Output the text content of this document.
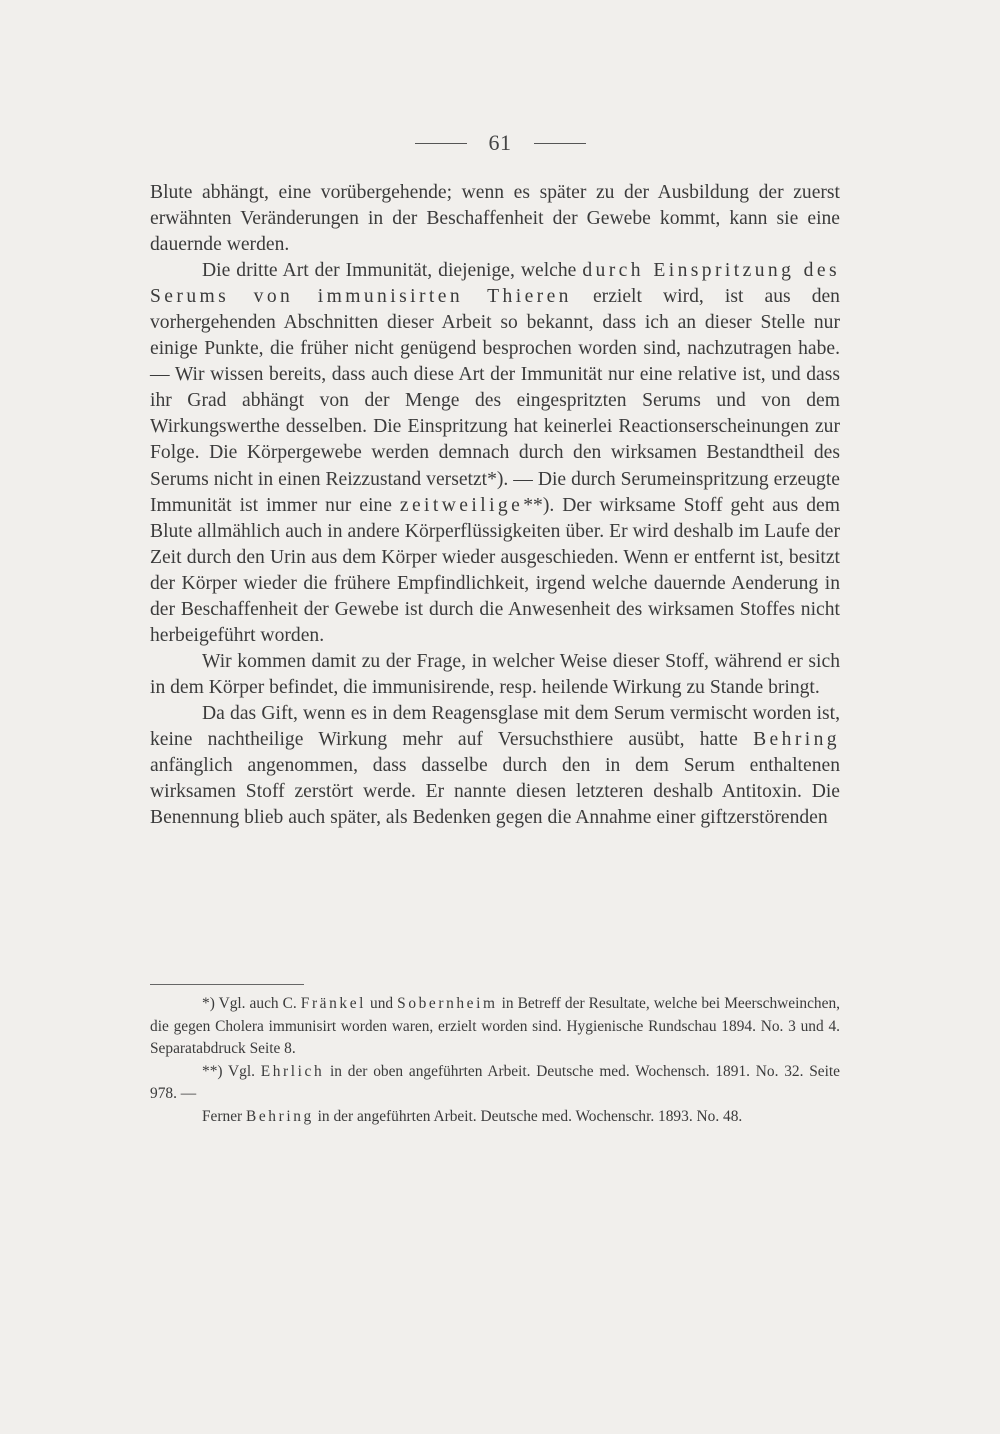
61

Blute abhängt, eine vorübergehende; wenn es später zu der Ausbildung der zuerst erwähnten Veränderungen in der Beschaffenheit der Gewebe kommt, kann sie eine dauernde werden.

Die dritte Art der Immunität, diejenige, welche durch Einspritzung des Serums von immunisirten Thieren erzielt wird, ist aus den vorhergehenden Abschnitten dieser Arbeit so bekannt, dass ich an dieser Stelle nur einige Punkte, die früher nicht genügend besprochen worden sind, nachzutragen habe. — Wir wissen bereits, dass auch diese Art der Immunität nur eine relative ist, und dass ihr Grad abhängt von der Menge des eingespritzten Serums und von dem Wirkungswerthe desselben. Die Einspritzung hat keinerlei Reactionserscheinungen zur Folge. Die Körpergewebe werden demnach durch den wirksamen Bestandtheil des Serums nicht in einen Reizzustand versetzt*). — Die durch Serumeinspritzung erzeugte Immunität ist immer nur eine zeitweilige**). Der wirksame Stoff geht aus dem Blute allmählich auch in andere Körperflüssigkeiten über. Er wird deshalb im Laufe der Zeit durch den Urin aus dem Körper wieder ausgeschieden. Wenn er entfernt ist, besitzt der Körper wieder die frühere Empfindlichkeit, irgend welche dauernde Aenderung in der Beschaffenheit der Gewebe ist durch die Anwesenheit des wirksamen Stoffes nicht herbeigeführt worden.

Wir kommen damit zu der Frage, in welcher Weise dieser Stoff, während er sich in dem Körper befindet, die immunisirende, resp. heilende Wirkung zu Stande bringt.

Da das Gift, wenn es in dem Reagensglase mit dem Serum vermischt worden ist, keine nachtheilige Wirkung mehr auf Versuchsthiere ausübt, hatte Behring anfänglich angenommen, dass dasselbe durch den in dem Serum enthaltenen wirksamen Stoff zerstört werde. Er nannte diesen letzteren deshalb Antitoxin. Die Benennung blieb auch später, als Bedenken gegen die Annahme einer giftzerstörenden

*) Vgl. auch C. Fränkel und Sobernheim in Betreff der Resultate, welche bei Meerschweinchen, die gegen Cholera immunisirt worden waren, erzielt worden sind. Hygienische Rundschau 1894. No. 3 und 4. Separatabdruck Seite 8.

**) Vgl. Ehrlich in der oben angeführten Arbeit. Deutsche med. Wochensch. 1891. No. 32. Seite 978. —

Ferner Behring in der angeführten Arbeit. Deutsche med. Wochenschr. 1893. No. 48.
